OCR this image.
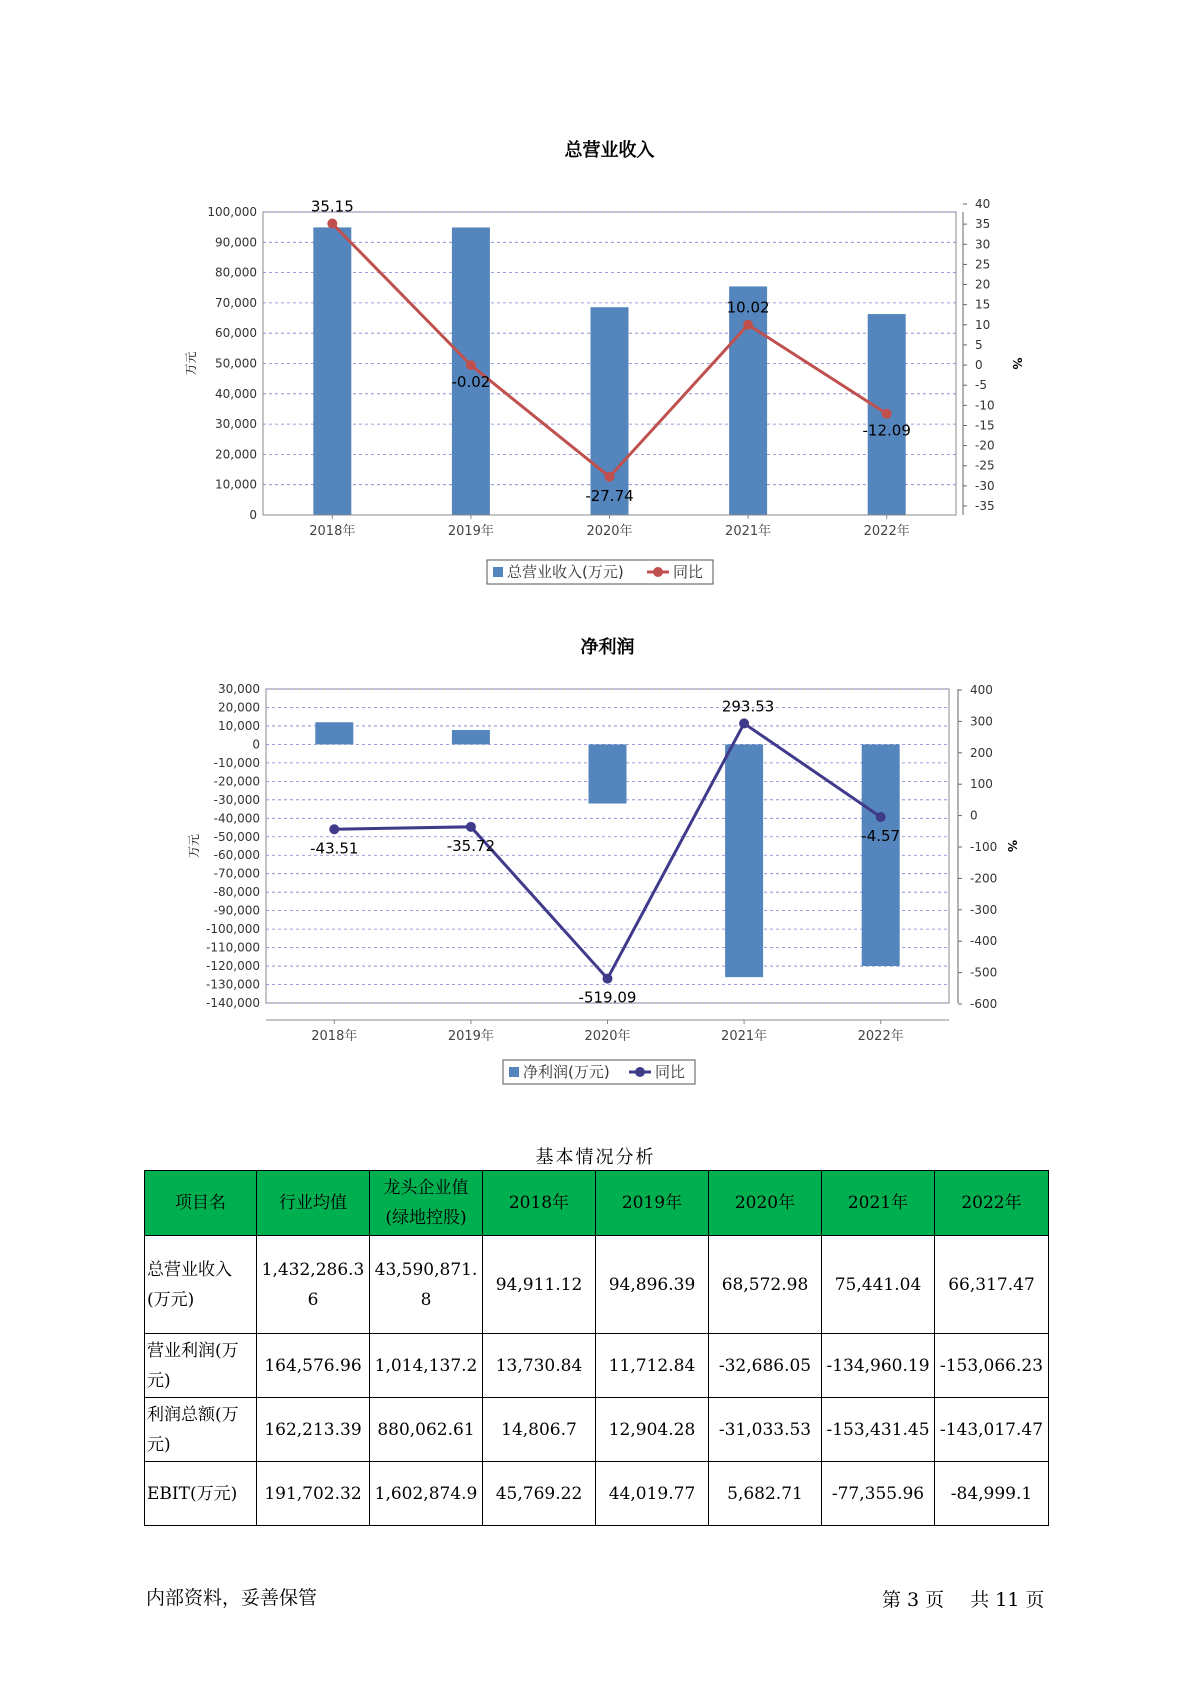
总营业收入
0
10,000
20,000
30,000
40,000
50,000
60,000
70,000
80,000
90,000
100,000
40
35
30
25
20
15
10
5
0
-5
-10
-15
-20
-25
-30
-35
万元	%
2018年	2019年	2020年	2021年	2022年
35.15
-0.02
-27.74
10.02
-12.09
总营业收入(万元)	同比
净利润
30,000
20,000
10,000
0
-10,000
-20,000
-30,000
-40,000
-50,000
-60,000
-70,000
-80,000
-90,000
-100,000
-110,000
-120,000
-130,000
-140,000
400
300
200
100
0
-100
-200
-300
-400
-500
-600
万元	%
2018年	2019年	2020年	2021年	2022年
-43.51	-35.72
-519.09
293.53
-4.57
净利润(万元)	同比
基本情况分析
项目名	行业均值	龙头企业值(绿地控股)	2018年	2019年	2020年	2021年	2022年
总营业收入(万元)	1,432,286.36	43,590,871.8	94,911.12	94,896.39	68,572.98	75,441.04	66,317.47
营业利润(万元)	164,576.96	1,014,137.2	13,730.84	11,712.84	-32,686.05	-134,960.19	-153,066.23
利润总额(万元)	162,213.39	880,062.61	14,806.7	12,904.28	-31,033.53	-153,431.45	-143,017.47
EBIT(万元)	191,702.32	1,602,874.9	45,769.22	44,019.77	5,682.71	-77,355.96	-84,999.1
内部资料，妥善保管	第 3 页 共 11 页
